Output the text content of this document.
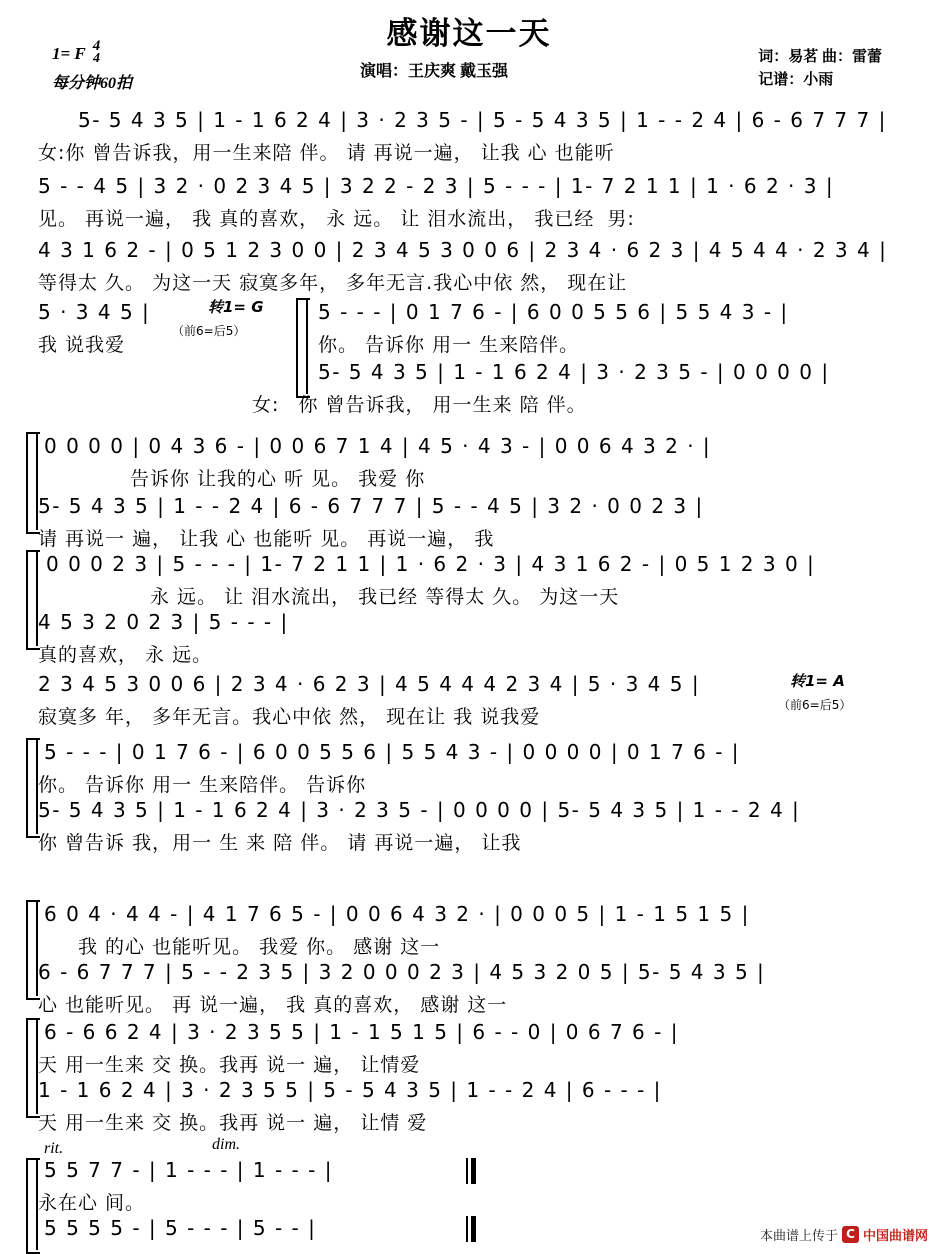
感谢这一天
1= F 4
4
每分钟60拍
演唱：王庆爽 戴玉强
词：易茗 曲：雷蕾
记谱：小雨
5- 5 4 3 5 | 1 - 1 6 2 4 | 3 · 2 3 5 - | 5 - 5 4 3 5 | 1 - - 2 4 | 6 - 6 7 7 7 |
女:你 曾告诉我，用一生来陪 伴。 请 再说一遍， 让我 心 也能听
5 - - 4 5 | 3 2 · 0 2 3 4 5 | 3 2 2 - 2 3 | 5 - - - | 1- 7 2 1 1 | 1 · 6 2 · 3 |
见。 再说一遍， 我 真的喜欢， 永 远。 让 泪水流出， 我已经 男:
4 3 1 6 2 - | 0 5 1 2 3 0 0 | 2 3 4 5 3 0 0 6 | 2 3 4 · 6 2 3 | 4 5 4 4 · 2 3 4 |
等得太 久。 为这一天 寂寞多年， 多年无言.我心中依 然， 现在让
5 · 3 4 5 |
我 说我爱
转1= G
（前6=后5）
5 - - - | 0 1 7 6 - | 6 0 0 5 5 6 | 5 5 4 3 - |
你。 告诉你 用一 生来陪伴。
5- 5 4 3 5 | 1 - 1 6 2 4 | 3 · 2 3 5 - | 0 0 0 0 |
女: 你 曾告诉我， 用一生来 陪 伴。
0 0 0 0 | 0 4 3 6 - | 0 0 6 7 1 4 | 4 5 · 4 3 - | 0 0 6 4 3 2 · |
告诉你 让我的心 听 见。 我爱 你
5- 5 4 3 5 | 1 - - 2 4 | 6 - 6 7 7 7 | 5 - - 4 5 | 3 2 · 0 0 2 3 |
请 再说一 遍， 让我 心 也能听 见。 再说一遍， 我
0 0 0 2 3 | 5 - - - | 1- 7 2 1 1 | 1 · 6 2 · 3 | 4 3 1 6 2 - | 0 5 1 2 3 0 |
永 远。 让 泪水流出， 我已经 等得太 久。 为这一天
4 5 3 2 0 2 3 | 5 - - - |
真的喜欢， 永 远。
2 3 4 5 3 0 0 6 | 2 3 4 · 6 2 3 | 4 5 4 4 4 2 3 4 | 5 · 3 4 5 |
寂寞多 年， 多年无言。我心中依 然， 现在让 我 说我爱
转1= A
（前6=后5）
5 - - - | 0 1 7 6 - | 6 0 0 5 5 6 | 5 5 4 3 - | 0 0 0 0 | 0 1 7 6 - |
你。 告诉你 用一 生来陪伴。 告诉你
5- 5 4 3 5 | 1 - 1 6 2 4 | 3 · 2 3 5 - | 0 0 0 0 | 5- 5 4 3 5 | 1 - - 2 4 |
你 曾告诉 我，用一 生 来 陪 伴。 请 再说一遍， 让我
6 0 4 · 4 4 - | 4 1 7 6 5 - | 0 0 6 4 3 2 · | 0 0 0 5 | 1 - 1 5 1 5 |
我 的心 也能听见。 我爱 你。 感谢 这一
6 - 6 7 7 7 | 5 - - 2 3 5 | 3 2 0 0 0 2 3 | 4 5 3 2 0 5 | 5- 5 4 3 5 |
心 也能听见。 再 说一遍， 我 真的喜欢， 感谢 这一
6 - 6 6 2 4 | 3 · 2 3 5 5 | 1 - 1 5 1 5 | 6 - - 0 | 0 6 7 6 - |
天 用一生来 交 换。我再 说一 遍， 让情爱
1 - 1 6 2 4 | 3 · 2 3 5 5 | 5 - 5 4 3 5 | 1 - - 2 4 | 6 - - - |
天 用一生来 交 换。我再 说一 遍， 让情 爱
rit.	dim.
5 5 7 7 - | 1 - - - | 1 - - - |
永在心 间。
5 5 5 5 - | 5 - - - | 5 - - |	本曲谱上传于 C 中国曲谱网
